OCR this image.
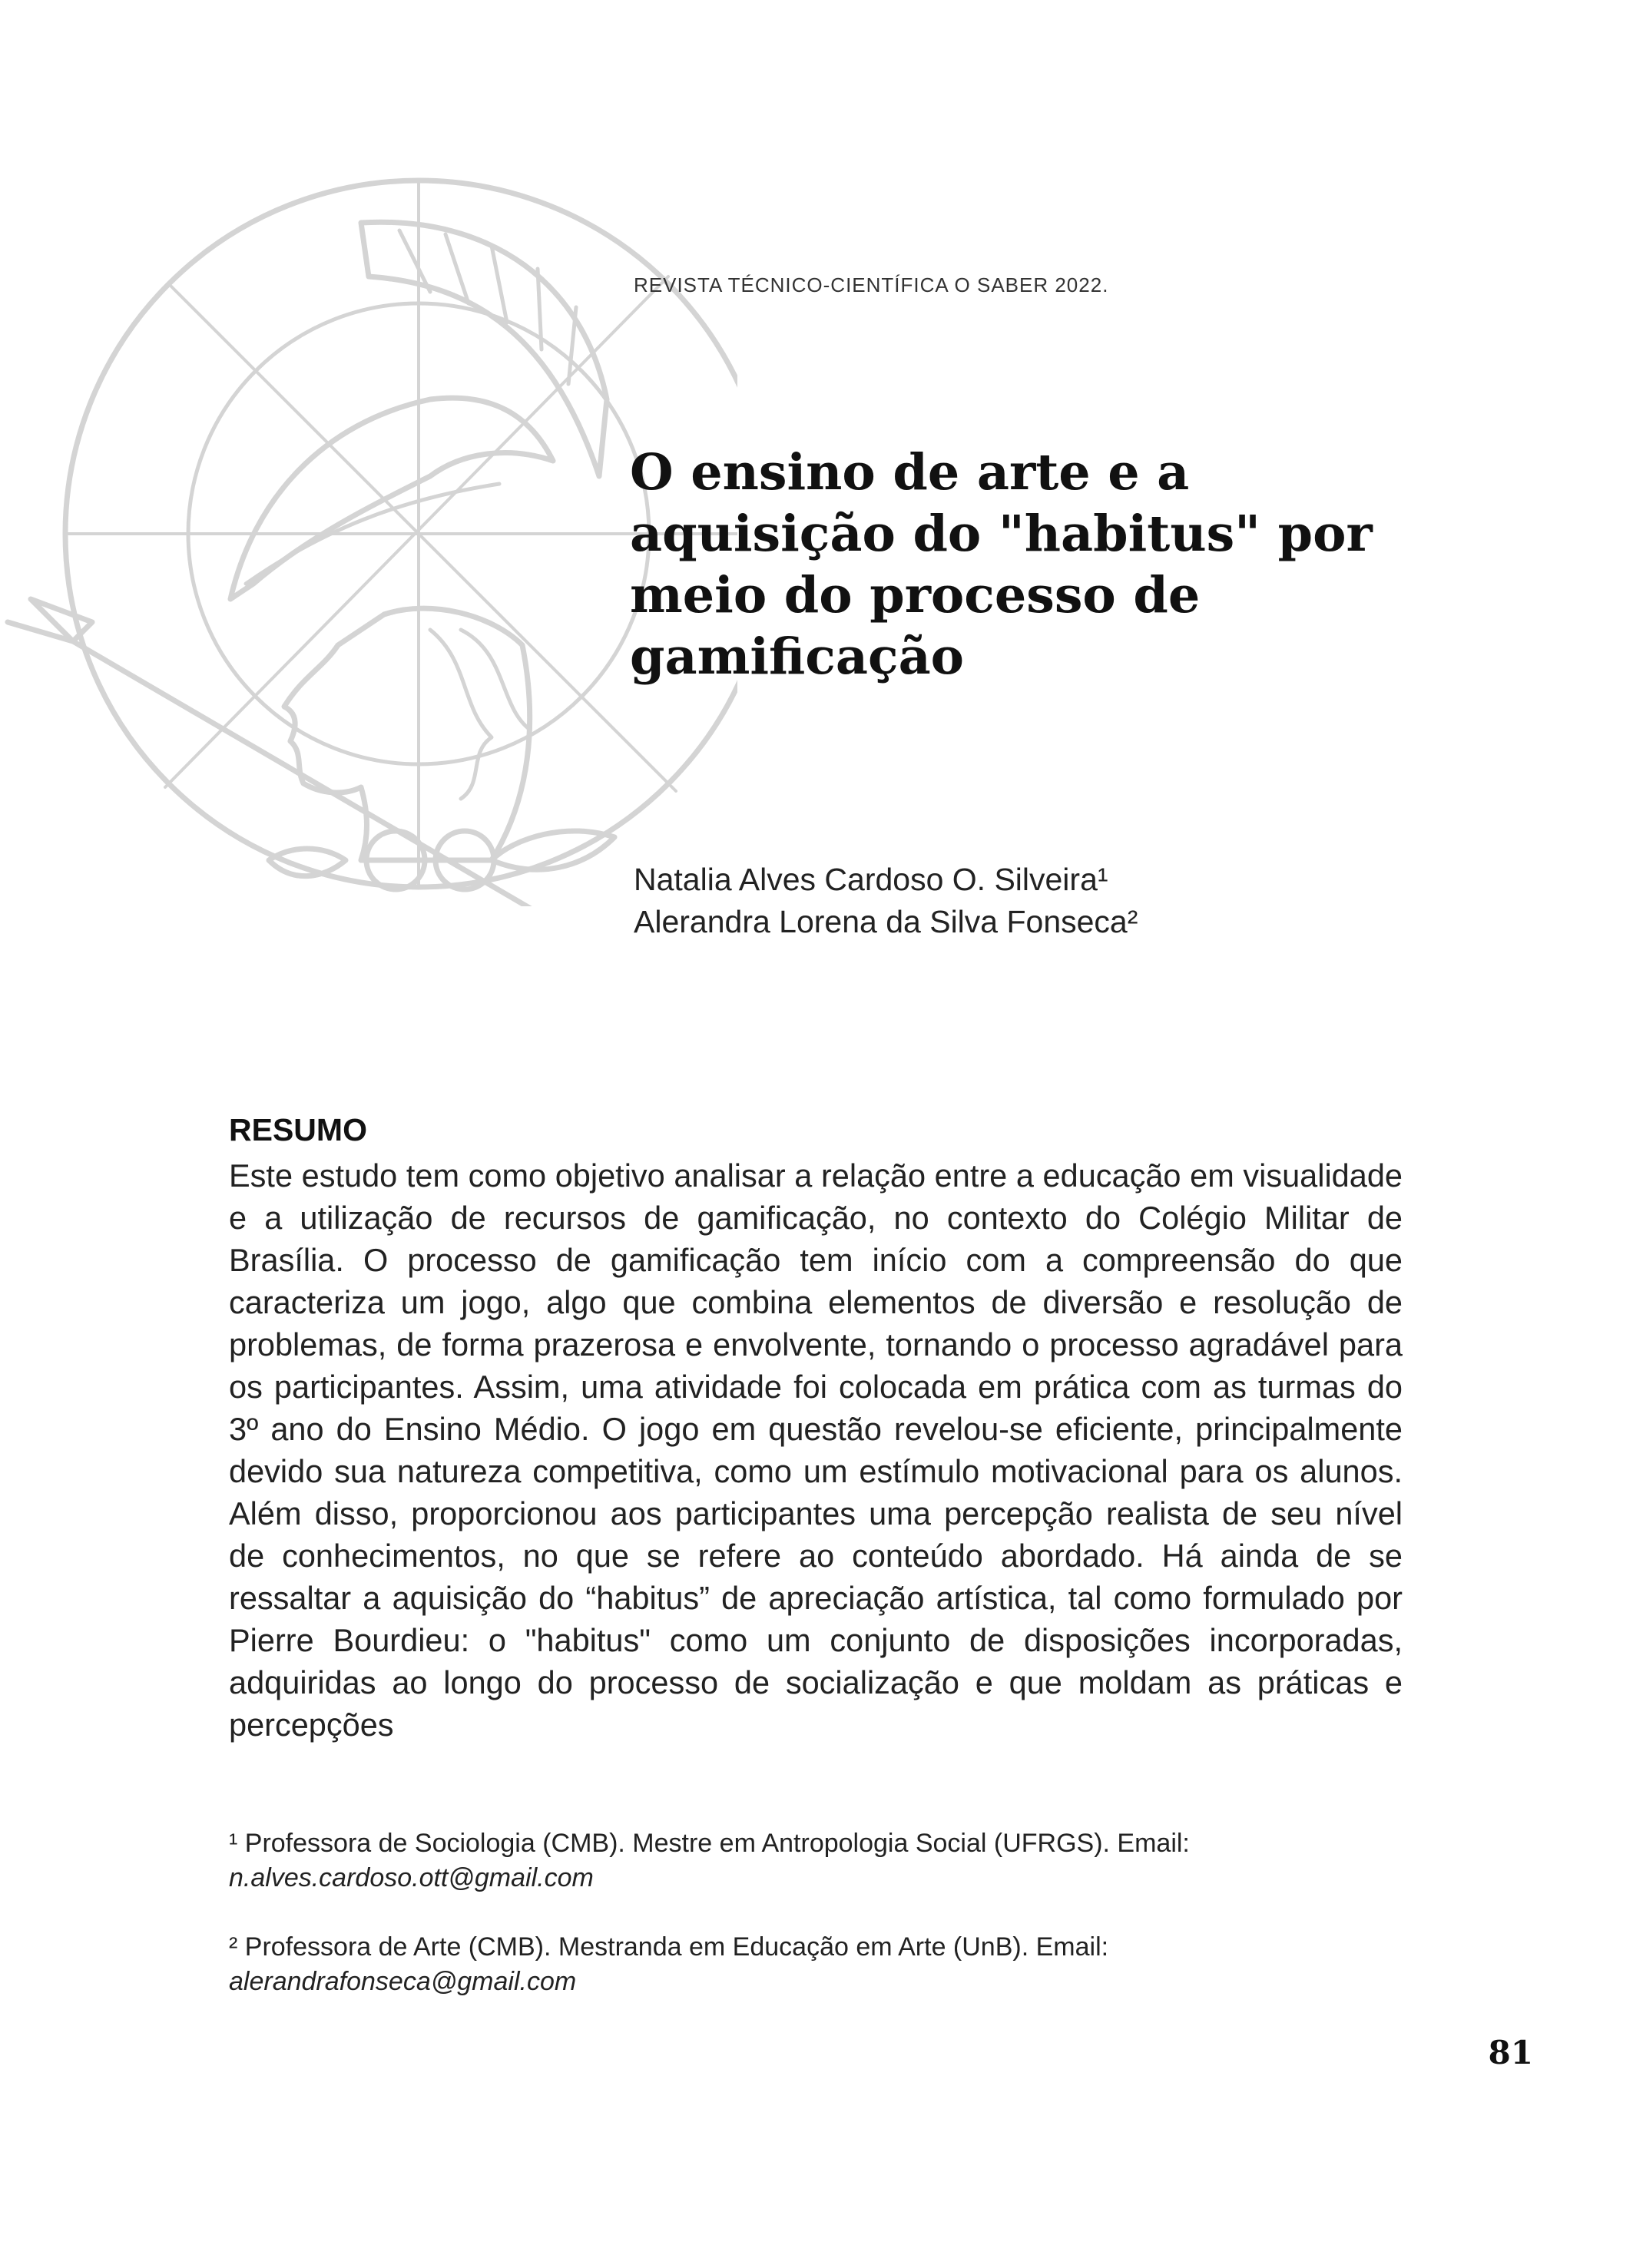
REVISTA TÉCNICO-CIENTÍFICA O SABER 2022.
O ensino de arte e a aquisição do "habitus" por meio do processo de gamificação
Natalia Alves Cardoso O. Silveira¹
Alerandra Lorena da Silva Fonseca²
RESUMO

Este estudo tem como objetivo analisar a relação entre a educação em visualidade e a utilização de recursos de gamificação, no contexto do Colégio Militar de Brasília. O processo de gamificação tem início com a compreensão do que caracteriza um jogo, algo que combina elementos de diversão e resolução de problemas, de forma prazerosa e envolvente, tornando o processo agradável para os participantes. Assim, uma atividade foi colocada em prática com as turmas do 3º ano do Ensino Médio. O jogo em questão revelou-se eficiente, principalmente devido sua natureza competitiva, como um estímulo motivacional para os alunos. Além disso, proporcionou aos participantes uma percepção realista de seu nível de conhecimentos, no que se refere ao conteúdo abordado. Há ainda de se ressaltar a aquisição do “habitus” de apreciação artística, tal como formulado por Pierre Bourdieu: o "habitus" como um conjunto de disposições incorporadas, adquiridas ao longo do processo de socialização e que moldam as práticas e percepções

¹ Professora de Sociologia (CMB). Mestre em Antropologia Social (UFRGS). Email: n.alves.cardoso.ott@gmail.com

² Professora de Arte (CMB). Mestranda em Educação em Arte (UnB). Email: alerandrafonseca@gmail.com

81
